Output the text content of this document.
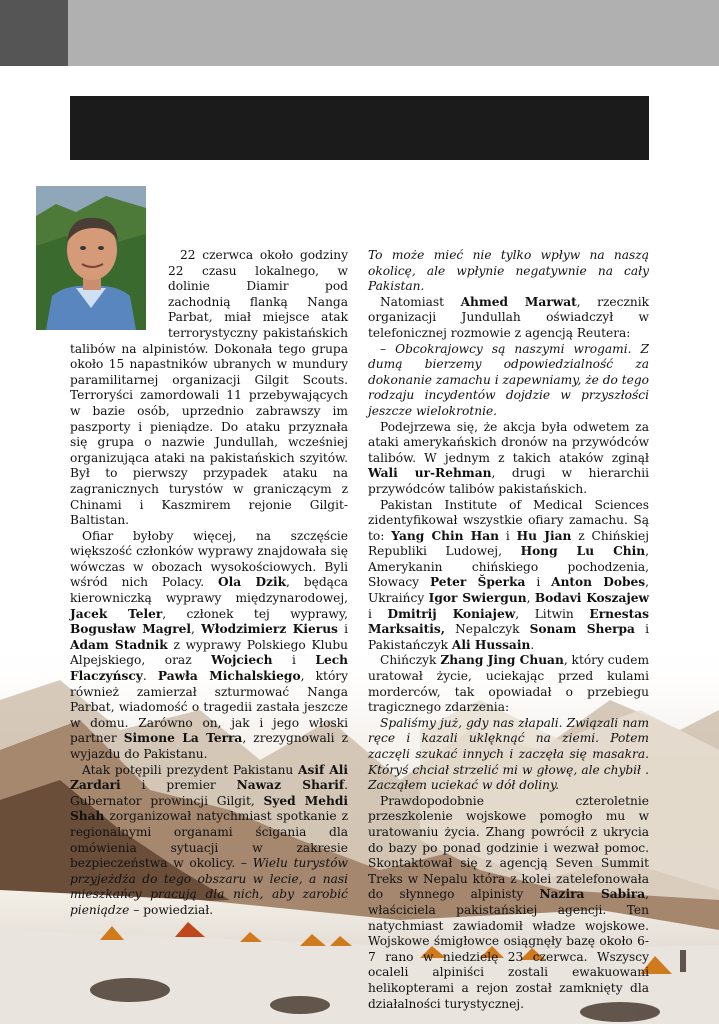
22 czerwca około godziny 22 czasu lokalnego, w dolinie Diamir pod zachodnią flanką Nanga Parbat, miał miejsce atak terrorystyczny pakistańskich talibów na alpinistów. Dokonała tego grupa około 15 napastników ubranych w mundury paramilitarnej organizacji Gilgit Scouts. Terroryści zamordowali 11 przebywających w bazie osób, uprzednio zabrawszy im paszporty i pieniądze. Do ataku przyznała się grupa o nazwie Jundullah, wcześniej organizująca ataki na pakistańskich szyitów. Był to pierwszy przypadek ataku na zagranicznych turystów w graniczącym z Chinami i Kaszmirem rejonie Gilgit-Baltistan.

Ofiar byłoby więcej, na szczęście większość członków wyprawy znajdowała się wówczas w obozach wysokościowych. Byli wśród nich Polacy. Ola Dzik, będąca kierowniczką wyprawy międzynarodowej, Jacek Teler, członek tej wyprawy, Bogusław Magrel, Włodzimierz Kierus i Adam Stadnik z wyprawy Polskiego Klubu Alpejskiego, oraz Wojciech i Lech Flaczyńscy. Pawła Michalskiego, który również zamierzał szturmować Nanga Parbat, wiadomość o tragedii zastała jeszcze w domu. Zarówno on, jak i jego włoski partner Simone La Terra, zrezygnowali z wyjazdu do Pakistanu.

Atak potępili prezydent Pakistanu Asif Ali Zardari i premier Nawaz Sharif. Gubernator prowincji Gilgit, Syed Mehdi Shah zorganizował natychmiast spotkanie z regionalnymi organami ścigania dla omówienia sytuacji w zakresie bezpieczeństwa w okolicy. – Wielu turystów przyjeżdża do tego obszaru w lecie, a nasi mieszkańcy pracują dla nich, aby zarobić pieniądze – powiedział.

To może mieć nie tylko wpływ na naszą okolicę, ale wpłynie negatywnie na cały Pakistan.

Natomiast Ahmed Marwat, rzecznik organizacji Jundullah oświadczył w telefonicznej rozmowie z agencją Reutera:

– Obcokrajowcy są naszymi wrogami. Z dumą bierzemy odpowiedzialność za dokonanie zamachu i zapewniamy, że do tego rodzaju incydentów dojdzie w przyszłości jeszcze wielokrotnie.

Podejrzewa się, że akcja była odwetem za ataki amerykańskich dronów na przywódców talibów. W jednym z takich ataków zginął Wali ur-Rehman, drugi w hierarchii przywódców talibów pakistańskich.

Pakistan Institute of Medical Sciences zidentyfikował wszystkie ofiary zamachu. Są to: Yang Chin Han i Hu Jian z Chińskiej Republiki Ludowej, Hong Lu Chin, Amerykanin chińskiego pochodzenia, Słowacy Peter Šperka i Anton Dobes, Ukraińcy Igor Swiergun, Bodavi Koszajew i Dmitrij Koniajew, Litwin Ernestas Marksaitis, Nepalczyk Sonam Sherpa i Pakistańczyk Ali Hussain.

Chińczyk Zhang Jing Chuan, który cudem uratował życie, uciekając przed kulami morderców, tak opowiadał o przebiegu tragicznego zdarzenia:

Spaliśmy już, gdy nas złapali. Związali nam ręce i kazali uklęknąć na ziemi. Potem zaczęli szukać innych i zaczęła się masakra. Któryś chciał strzelić mi w głowę, ale chybił . Zacząłem uciekać w dół doliny.

Prawdopodobnie czteroletnie przeszkolenie wojskowe pomogło mu w uratowaniu życia. Zhang powrócił z ukrycia do bazy po ponad godzinie i wezwał pomoc. Skontaktował się z agencją Seven Summit Treks w Nepalu która z kolei zatelefonowała do słynnego alpinisty Nazira Sabira, właściciela pakistańskiej agencji. Ten natychmiast zawiadomił władze wojskowe. Wojskowe śmigłowce osiągnęły bazę około 6-7 rano w niedzielę 23 czerwca. Wszyscy ocaleli alpiniści zostali ewakuowani helikopterami a rejon został zamknięty dla działalności turystycznej.
